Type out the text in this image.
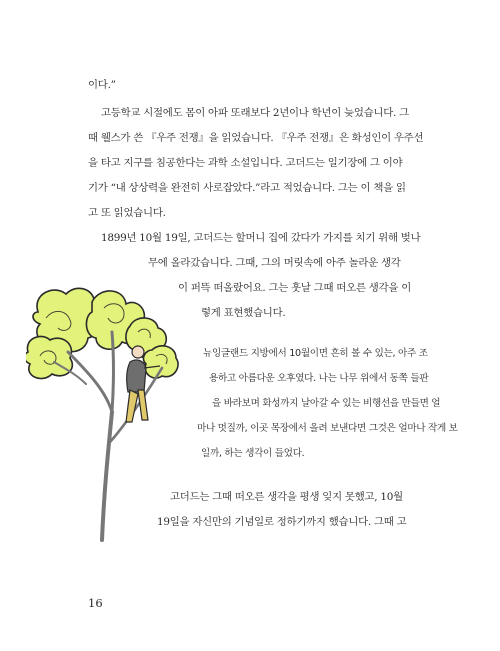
이다.”
고등학교 시절에도 몸이 아파 또래보다 2년이나 학년이 늦었습니다. 그
때 웰스가 쓴 『우주 전쟁』을 읽었습니다. 『우주 전쟁』은 화성인이 우주선
을 타고 지구를 침공한다는 과학 소설입니다. 고더드는 일기장에 그 이야
기가 “내 상상력을 완전히 사로잡았다.”라고 적었습니다. 그는 이 책을 읽
고 또 읽었습니다.
1899년 10월 19일, 고더드는 할머니 집에 갔다가 가지를 치기 위해 벚나
무에 올라갔습니다. 그때, 그의 머릿속에 아주 놀라운 생각
이 퍼뜩 떠올랐어요. 그는 훗날 그때 떠오른 생각을 이
렇게 표현했습니다.
뉴잉글랜드 지방에서 10월이면 흔히 볼 수 있는, 아주 조
용하고 아름다운 오후였다. 나는 나무 위에서 동쪽 들판
을 바라보며 화성까지 날아갈 수 있는 비행선을 만들면 얼
마나 멋질까, 이곳 목장에서 올려 보낸다면 그것은 얼마나 작게 보
일까, 하는 생각이 들었다.
고더드는 그때 떠오른 생각을 평생 잊지 못했고, 10월
19일을 자신만의 기념일로 정하기까지 했습니다. 그때 고
16
